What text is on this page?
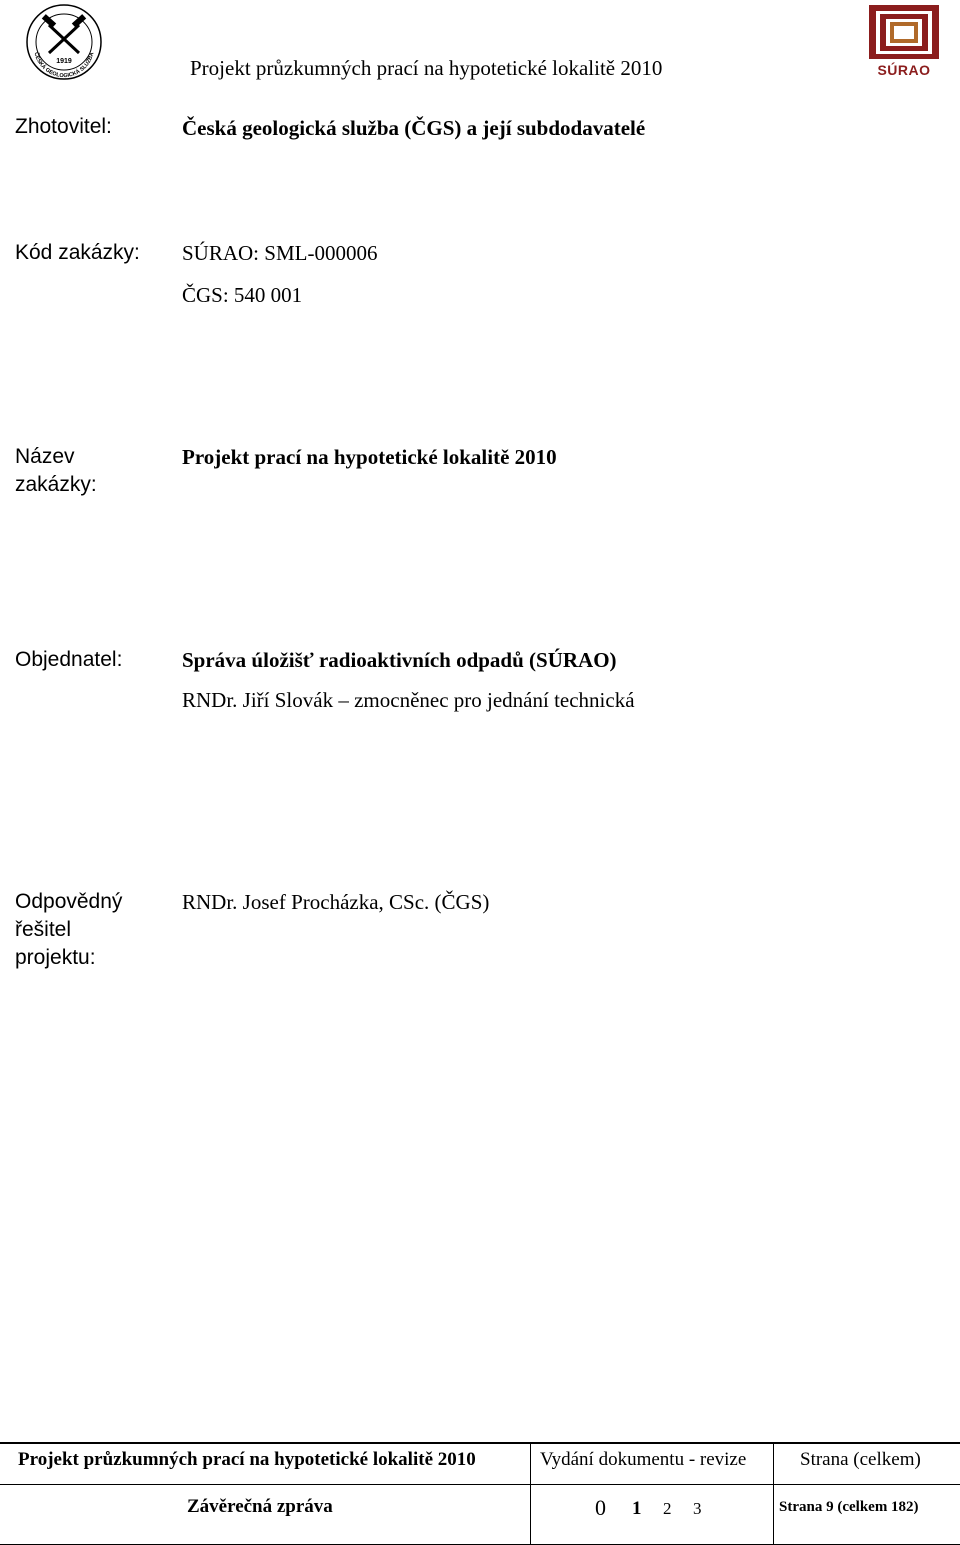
1919
ČESKÁ GEOLOGICKÁ SLUŽBA
Projekt průzkumných prací na hypotetické lokalitě 2010	SÚRAO
Zhotovitel:	Česká geologická služba (ČGS) a její subdodavatelé
Kód zakázky: SÚRAO: SML-000006
ČGS: 540 001
Název
zakázky:
Projekt prací na hypotetické lokalitě 2010
Objednatel:	Správa úložišť radioaktivních odpadů (SÚRAO)
RNDr. Jiří Slovák – zmocněnec pro jednání technická
Odpovědný
řešitel
projektu:
RNDr. Josef Procházka, CSc. (ČGS)
Projekt průzkumných prací na hypotetické lokalitě 2010	Vydání dokumentu - revize	Strana (celkem)
Závěrečná zpráva	0 1 2 3	Strana 9 (celkem 182)
